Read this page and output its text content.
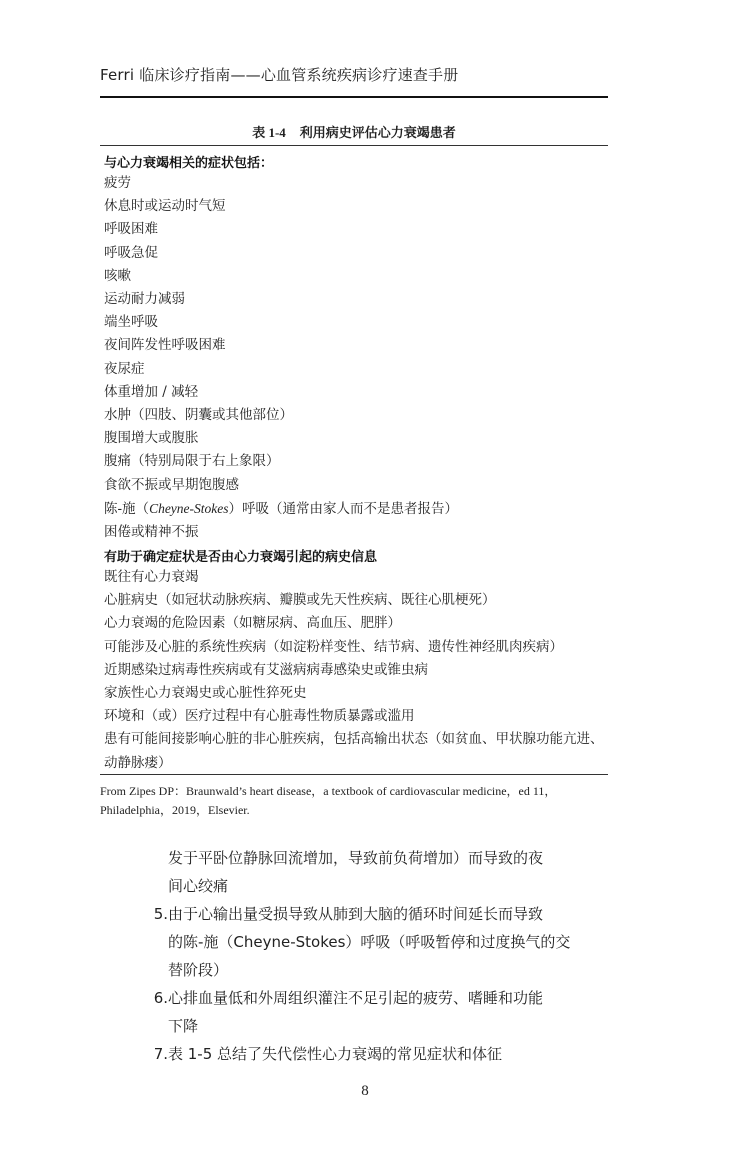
Ferri 临床诊疗指南——心血管系统疾病诊疗速查手册
表 1-4 利用病史评估心力衰竭患者
与心力衰竭相关的症状包括：
疲劳
休息时或运动时气短
呼吸困难
呼吸急促
咳嗽
运动耐力减弱
端坐呼吸
夜间阵发性呼吸困难
夜尿症
体重增加 / 减轻
水肿（四肢、阴囊或其他部位）
腹围增大或腹胀
腹痛（特别局限于右上象限）
食欲不振或早期饱腹感
陈-施（Cheyne-Stokes）呼吸（通常由家人而不是患者报告）
困倦或精神不振
有助于确定症状是否由心力衰竭引起的病史信息
既往有心力衰竭
心脏病史（如冠状动脉疾病、瓣膜或先天性疾病、既往心肌梗死）
心力衰竭的危险因素（如糖尿病、高血压、肥胖）
可能涉及心脏的系统性疾病（如淀粉样变性、结节病、遗传性神经肌肉疾病）
近期感染过病毒性疾病或有艾滋病病毒感染史或锥虫病
家族性心力衰竭史或心脏性猝死史
环境和（或）医疗过程中有心脏毒性物质暴露或滥用
患有可能间接影响心脏的非心脏疾病，包括高输出状态（如贫血、甲状腺功能亢进、动静脉瘘）
From Zipes DP：Braunwald’s heart disease，a textbook of cardiovascular medicine，ed 11，
Philadelphia，2019，Elsevier.
发于平卧位静脉回流增加，导致前负荷增加）而导致的夜
间心绞痛
5. 由于心输出量受损导致从肺到大脑的循环时间延长而导致
的陈-施（Cheyne-Stokes）呼吸（呼吸暂停和过度换气的交
替阶段）
6. 心排血量低和外周组织灌注不足引起的疲劳、嗜睡和功能
下降
7. 表 1-5 总结了失代偿性心力衰竭的常见症状和体征
8
